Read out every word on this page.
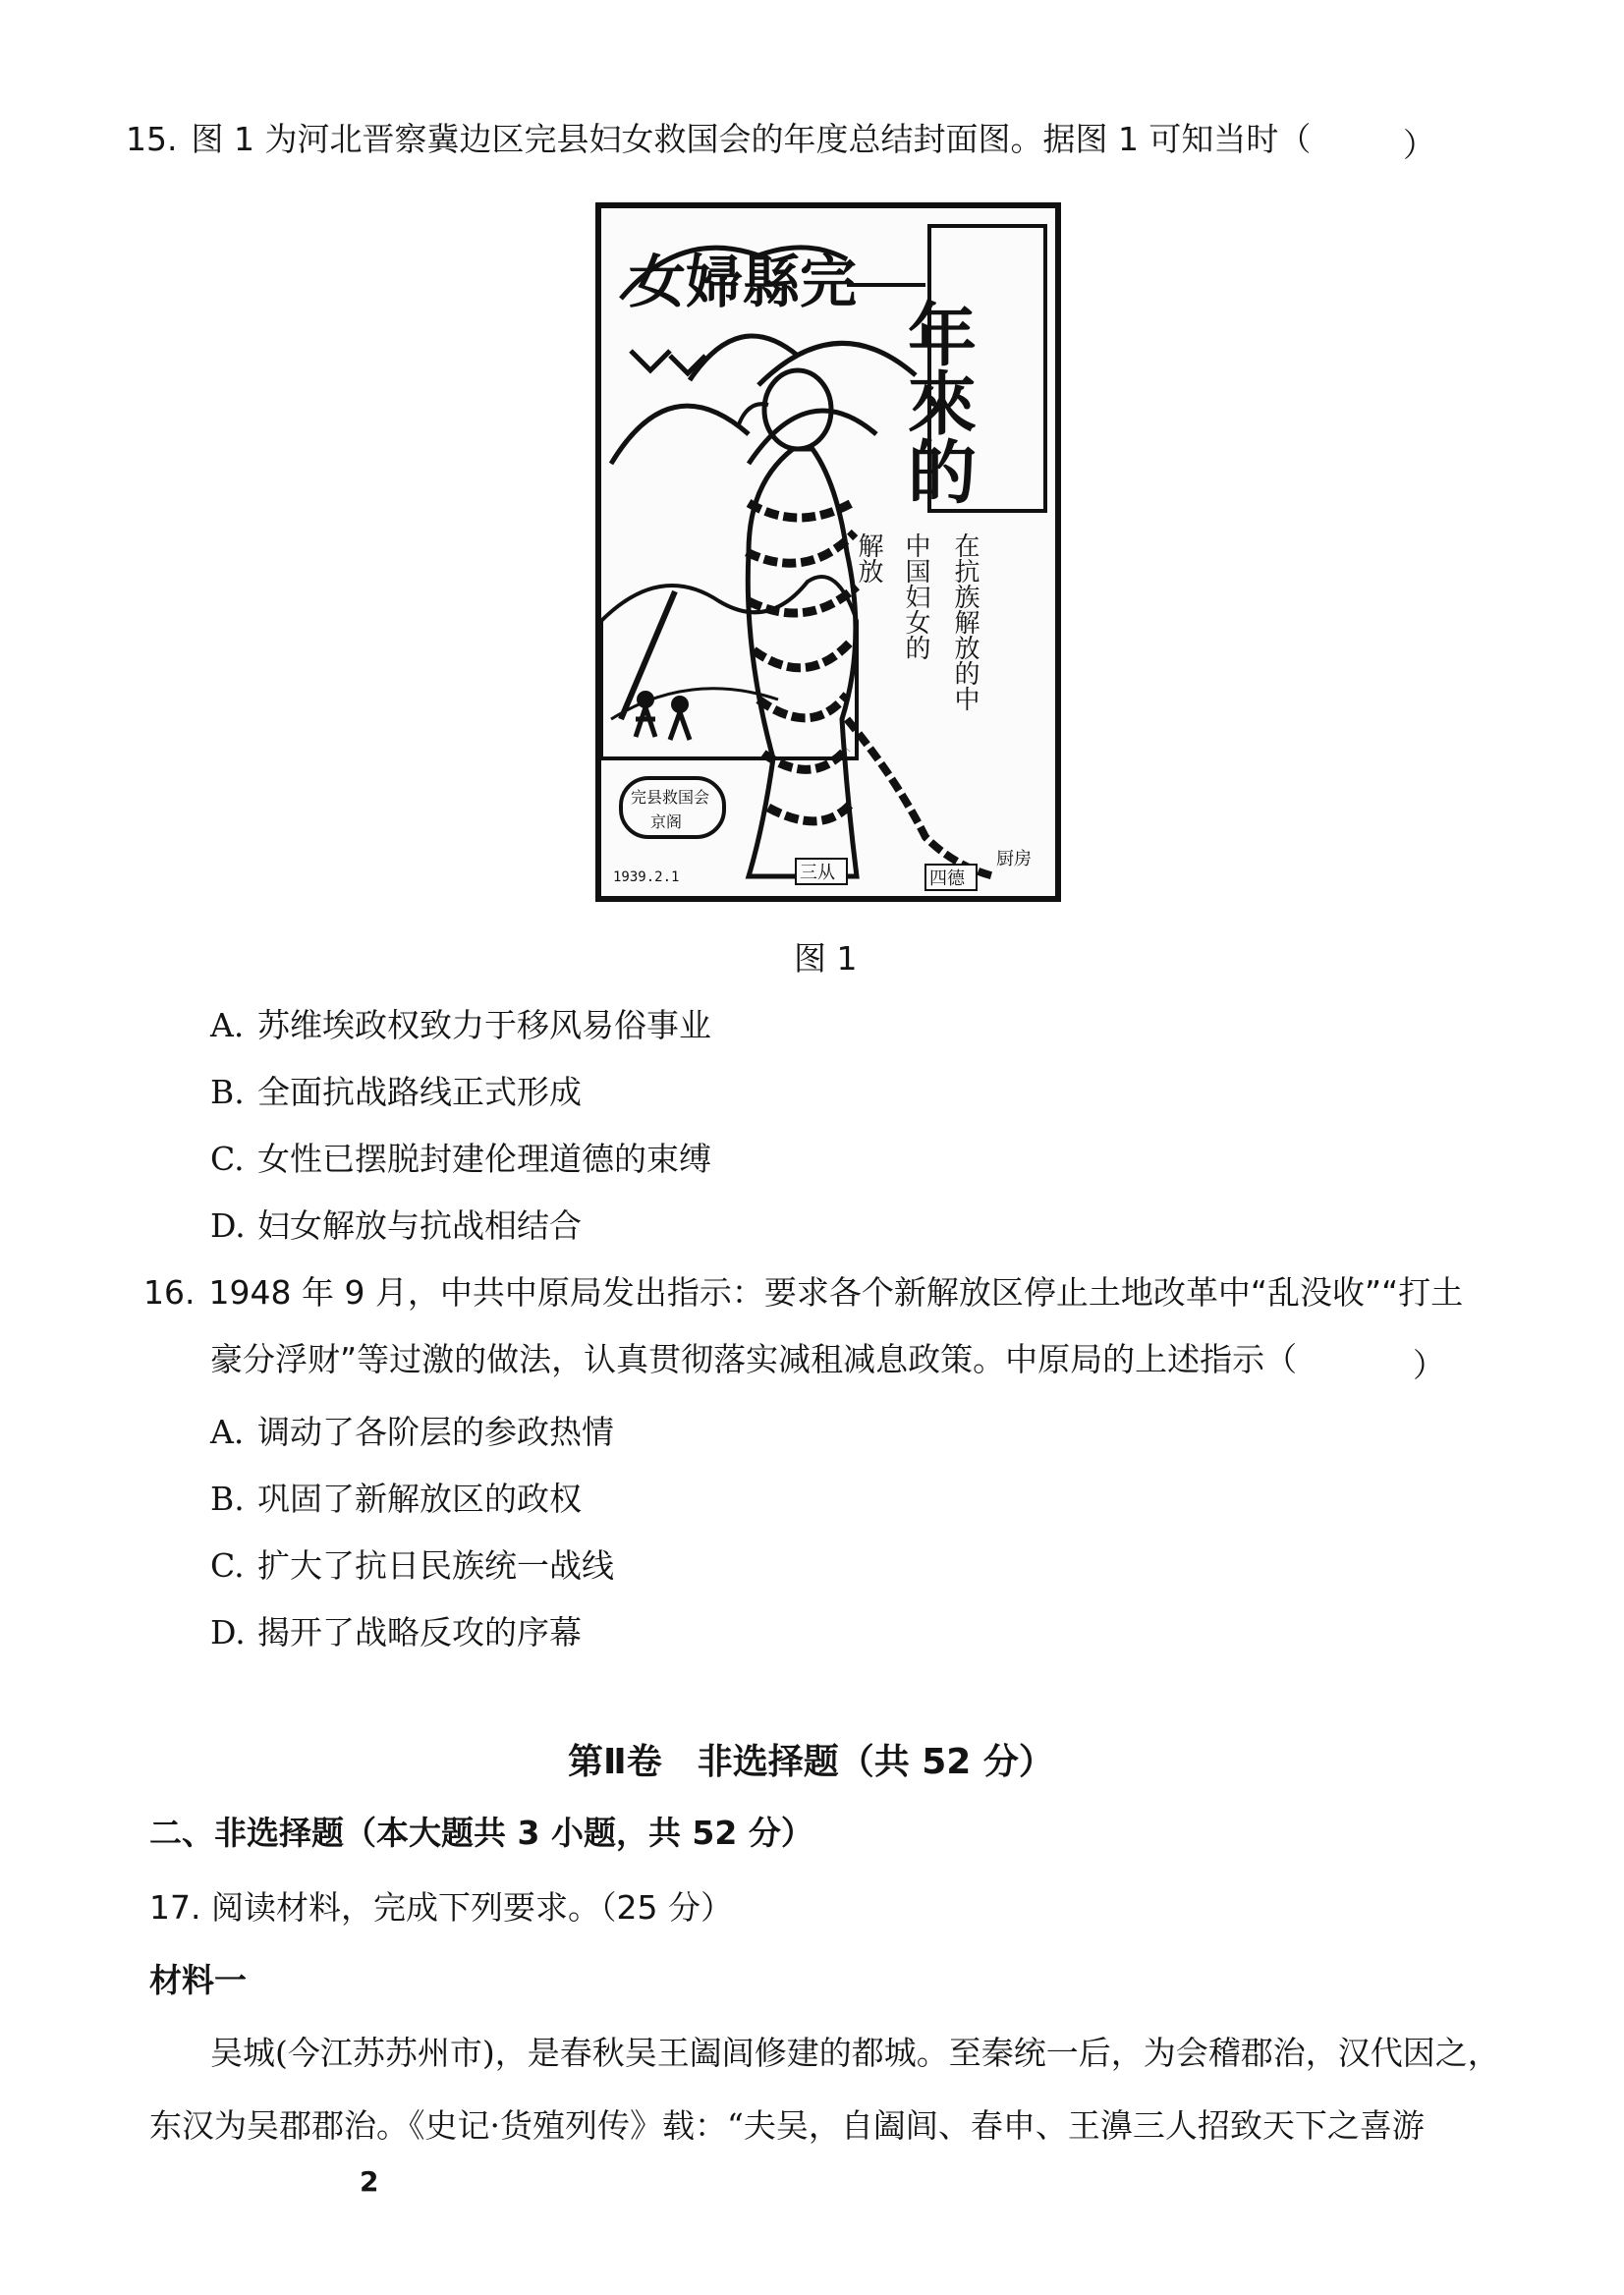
15. 图 1 为河北晋察冀边区完县妇女救国会的年度总结封面图。据图 1 可知当时（	）
女婦縣完
年來的
在抗族解放的中
中国妇女的
解放
完县救国会
京阁
1939.2.1	三从	四德
厨房
图 1
A. 苏维埃政权致力于移风易俗事业
B. 全面抗战路线正式形成
C. 女性已摆脱封建伦理道德的束缚
D. 妇女解放与抗战相结合
16. 1948 年 9 月，中共中原局发出指示：要求各个新解放区停止土地改革中“乱没收”“打土
豪分浮财”等过激的做法，认真贯彻落实减租减息政策。中原局的上述指示（	）
A. 调动了各阶层的参政热情
B. 巩固了新解放区的政权
C. 扩大了抗日民族统一战线
D. 揭开了战略反攻的序幕
第Ⅱ卷　非选择题（共 52 分）
二、非选择题（本大题共 3 小题，共 52 分）
17. 阅读材料，完成下列要求。（25 分）
材料一
吴城(今江苏苏州市)，是春秋吴王阖闾修建的都城。至秦统一后，为会稽郡治，汉代因之，
东汉为吴郡郡治。《史记·货殖列传》载：“夫吴，自阖闾、春申、王濞三人招致天下之喜游
2
